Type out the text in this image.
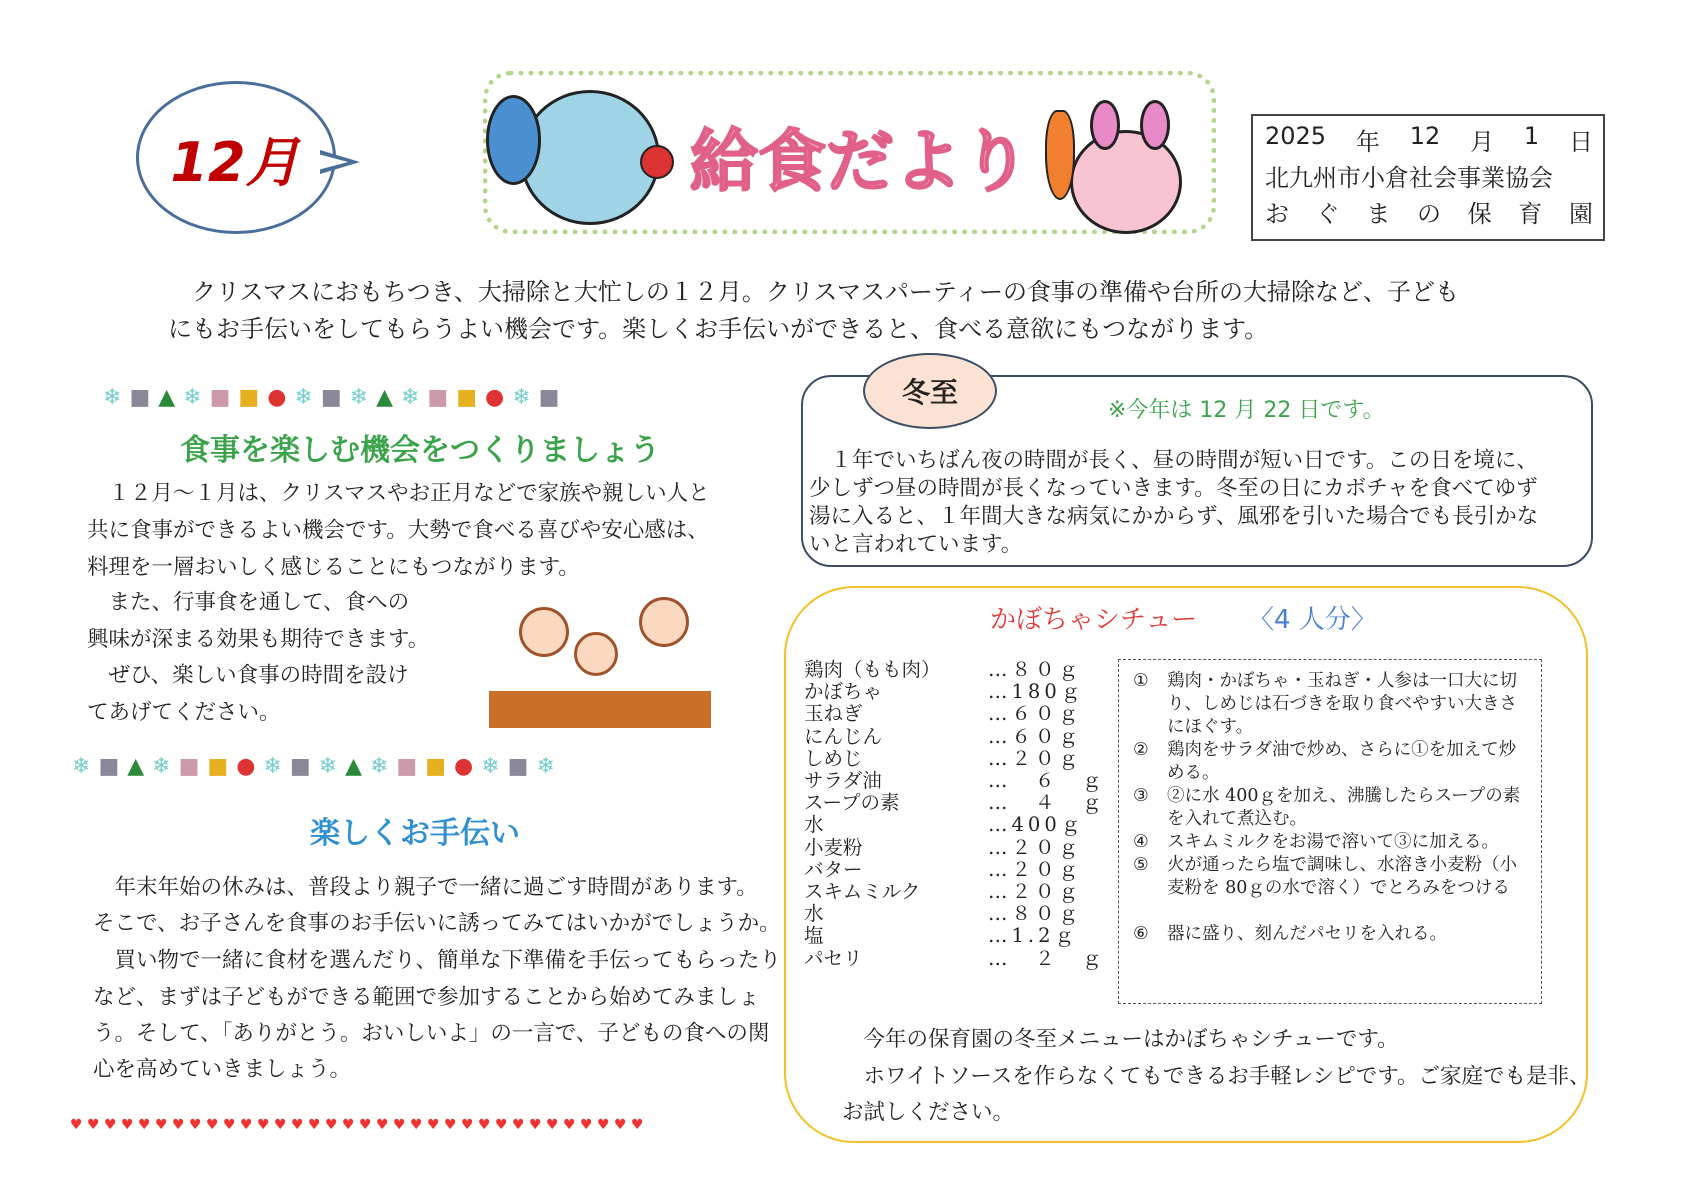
12月	給食だより	2025 年 12 月 1 日
北九州市小倉社会事業協会
お ぐ ま の 保 育 園
　クリスマスにおもちつき、大掃除と大忙しの１２月。クリスマスパーティーの食事の準備や台所の大掃除など、子ども
にもお手伝いをしてもらうよい機会です。楽しくお手伝いができると、食べる意欲にもつながります。
❄ ■ ▲ ❄ ■ ■ ● ❄ ■ ❄ ▲ ❄ ■ ■ ● ❄ ■
食事を楽しむ機会をつくりましょう
　１２月～１月は、クリスマスやお正月などで家族や親しい人と
共に食事ができるよい機会です。大勢で食べる喜びや安心感は、
料理を一層おいしく感じることにもつながります。
　また、行事食を通して、食への
興味が深まる効果も期待できます。
　ぜひ、楽しい食事の時間を設け
てあげてください。
❄ ■ ▲ ❄ ■ ■ ● ❄ ■ ❄ ▲ ❄ ■ ■ ● ❄ ■ ❄
楽しくお手伝い
　年末年始の休みは、普段より親子で一緒に過ごす時間があります。
そこで、お子さんを食事のお手伝いに誘ってみてはいかがでしょうか。
　買い物で一緒に食材を選んだり、簡単な下準備を手伝ってもらったり
など、まずは子どもができる範囲で参加することから始めてみましょ
う。そして、「ありがとう。おいしいよ」の一言で、子どもの食への関
心を高めていきましょう。
♥ ♥ ♥ ♥ ♥ ♥ ♥ ♥ ♥ ♥ ♥ ♥ ♥ ♥ ♥ ♥ ♥ ♥ ♥ ♥ ♥ ♥ ♥ ♥ ♥ ♥ ♥ ♥ ♥ ♥ ♥ ♥ ♥ ♥
冬至
※今年は 12 月 22 日です。
　１年でいちばん夜の時間が長く、昼の時間が短い日です。この日を境に、
少しずつ昼の時間が長くなっていきます。冬至の日にカボチャを食べてゆず
湯に入ると、１年間大きな病気にかからず、風邪を引いた場合でも長引かな
いと言われています。
かぼちゃシチュー 〈4 人分〉
鶏肉（もも肉） …８０ｇ
かぼちゃ	…180ｇ
玉ねぎ	…６０ｇ
にんじん	…６０ｇ
しめじ	…２０ｇ
サラダ油	…　６　ｇ
スープの素	…　４　ｇ
水	…400ｇ
小麦粉	…２０ｇ
バター	…２０ｇ
スキムミルク	…２０ｇ
水	…８０ｇ
塩	…1.2ｇ
パセリ	…　２　ｇ
① 鶏肉・かぼちゃ・玉ねぎ・人参は一口大に切り、しめじは石づきを取り食べやすい大きさにほぐす。
② 鶏肉をサラダ油で炒め、さらに①を加えて炒める。
③ ②に水 400ｇを加え、沸騰したらスープの素を入れて煮込む。
④ スキムミルクをお湯で溶いて③に加える。
⑤ 火が通ったら塩で調味し、水溶き小麦粉（小麦粉を 80ｇの水で溶く）でとろみをつける
⑥ 器に盛り、刻んだパセリを入れる。
　今年の保育園の冬至メニューはかぼちゃシチューです。
　ホワイトソースを作らなくてもできるお手軽レシピです。ご家庭でも是非、
お試しください。
